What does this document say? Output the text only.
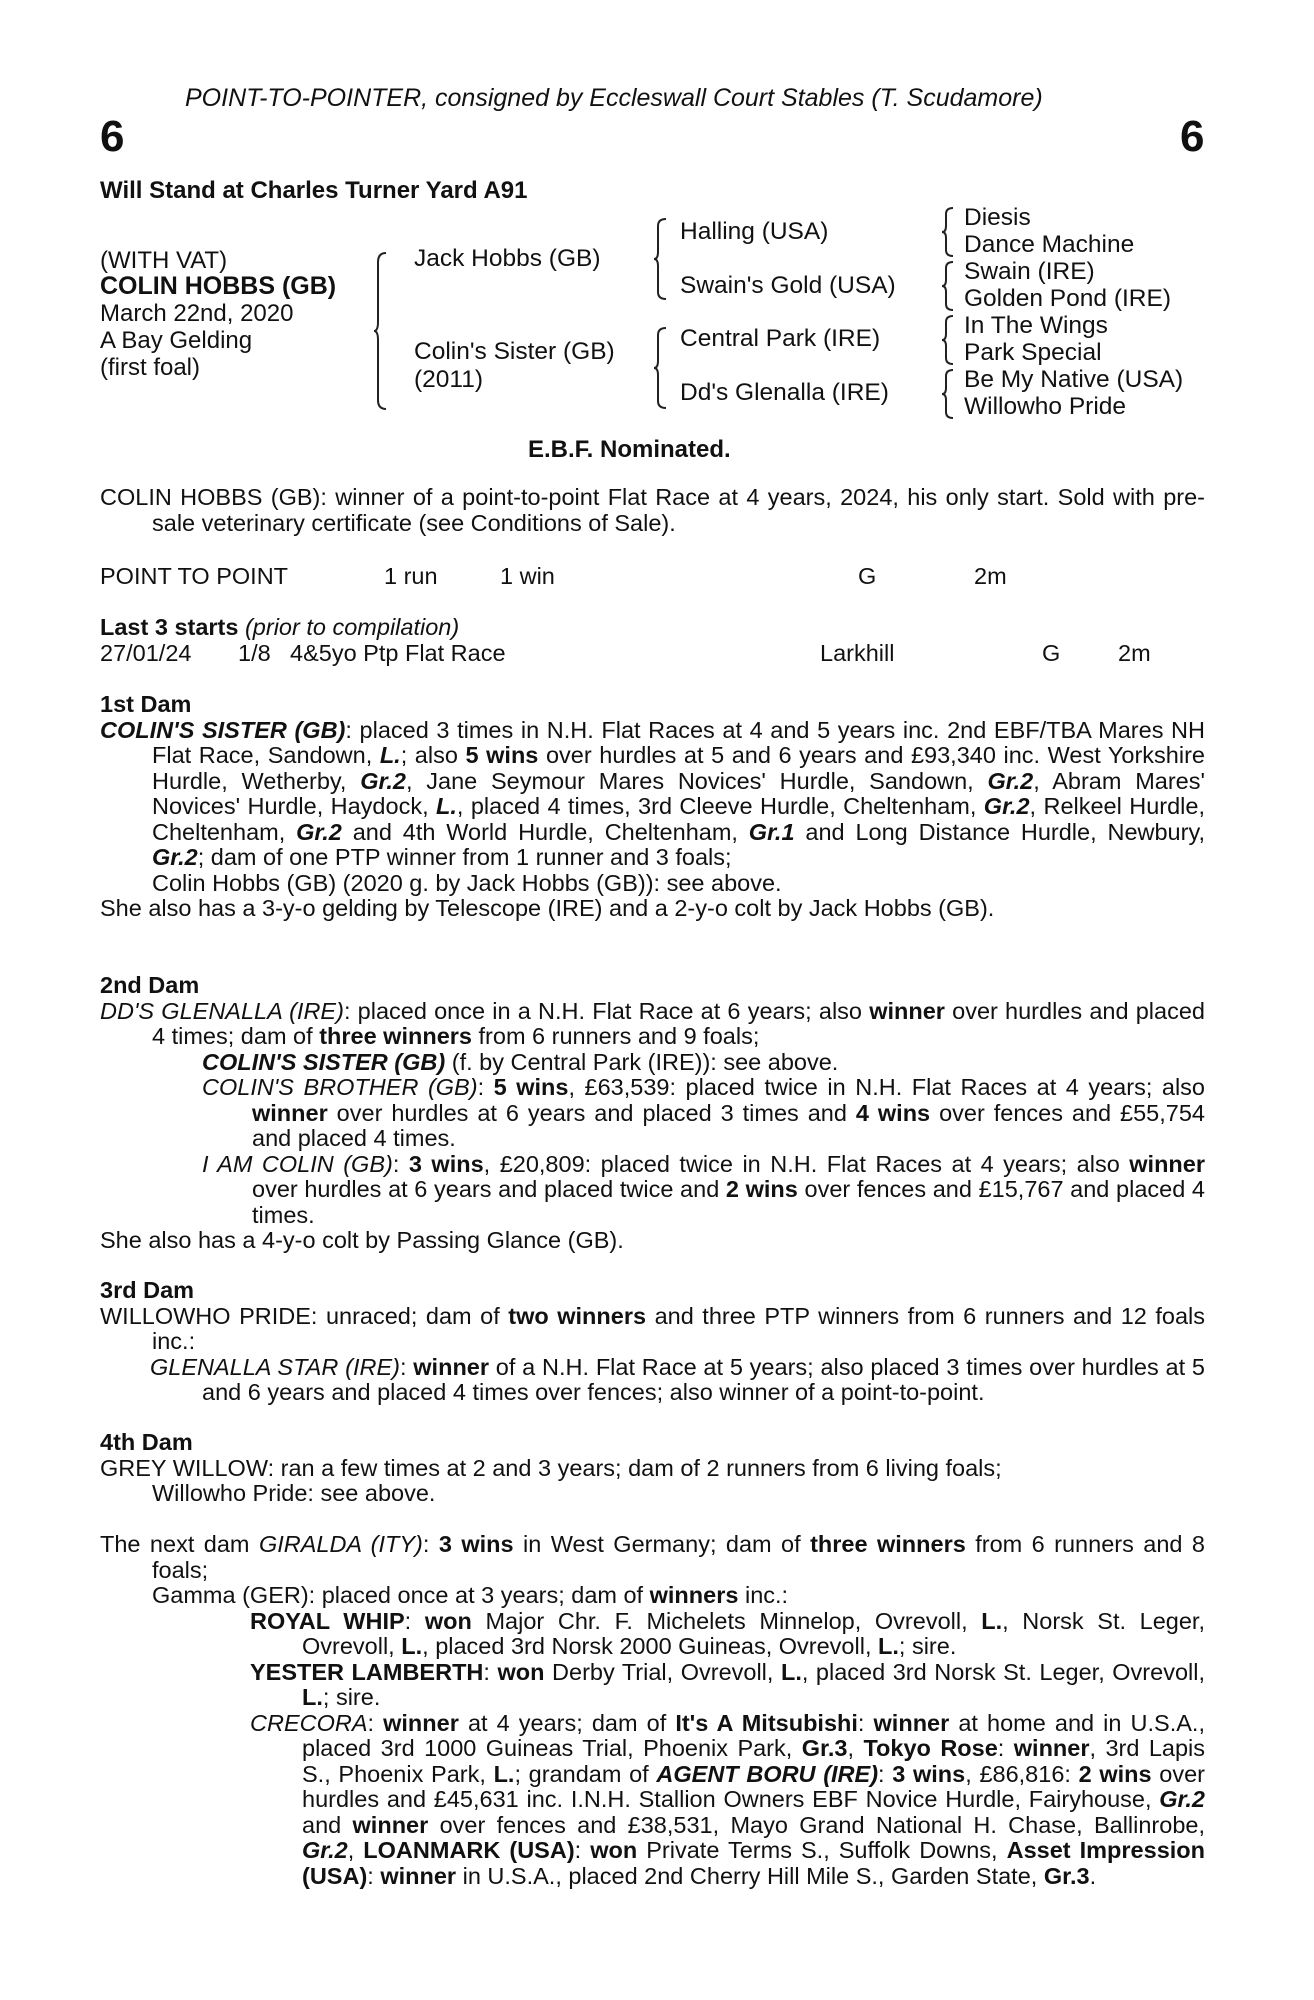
POINT-TO-POINTER, consigned by Eccleswall Court Stables (T. Scudamore)
6	6
Will Stand at Charles Turner Yard A91
(WITH VAT)
COLIN HOBBS (GB)
March 22nd, 2020
A Bay Gelding
(first foal)
Jack Hobbs (GB)
Colin's Sister (GB)
(2011)
Halling (USA)
Swain's Gold (USA)
Central Park (IRE)
Dd's Glenalla (IRE)
Diesis
Dance Machine
Swain (IRE)
Golden Pond (IRE)
In The Wings
Park Special
Be My Native (USA)
Willowho Pride
E.B.F. Nominated.

COLIN HOBBS (GB): winner of a point-to-point Flat Race at 4 years, 2024, his only start. Sold with pre-sale veterinary certificate (see Conditions of Sale).

POINT TO POINT	1 run	1 win	G	2m
Last 3 starts (prior to compilation)
27/01/24 1/8 4&5yo Ptp Flat Race	Larkhill	G 2m

1st Dam

COLIN'S SISTER (GB): placed 3 times in N.H. Flat Races at 4 and 5 years inc. 2nd EBF/TBA Mares NH Flat Race, Sandown, L.; also 5 wins over hurdles at 5 and 6 years and £93,340 inc. West Yorkshire Hurdle, Wetherby, Gr.2, Jane Seymour Mares Novices' Hurdle, Sandown, Gr.2, Abram Mares' Novices' Hurdle, Haydock, L., placed 4 times, 3rd Cleeve Hurdle, Cheltenham, Gr.2, Relkeel Hurdle, Cheltenham, Gr.2 and 4th World Hurdle, Cheltenham, Gr.1 and Long Distance Hurdle, Newbury, Gr.2; dam of one PTP winner from 1 runner and 3 foals;

Colin Hobbs (GB) (2020 g. by Jack Hobbs (GB)): see above.

She also has a 3-y-o gelding by Telescope (IRE) and a 2-y-o colt by Jack Hobbs (GB).

2nd Dam

DD'S GLENALLA (IRE): placed once in a N.H. Flat Race at 6 years; also winner over hurdles and placed 4 times; dam of three winners from 6 runners and 9 foals;

COLIN'S SISTER (GB) (f. by Central Park (IRE)): see above.

COLIN'S BROTHER (GB): 5 wins, £63,539: placed twice in N.H. Flat Races at 4 years; also winner over hurdles at 6 years and placed 3 times and 4 wins over fences and £55,754 and placed 4 times.

I AM COLIN (GB): 3 wins, £20,809: placed twice in N.H. Flat Races at 4 years; also winner over hurdles at 6 years and placed twice and 2 wins over fences and £15,767 and placed 4 times.

She also has a 4-y-o colt by Passing Glance (GB).

3rd Dam

WILLOWHO PRIDE: unraced; dam of two winners and three PTP winners from 6 runners and 12 foals inc.:

GLENALLA STAR (IRE): winner of a N.H. Flat Race at 5 years; also placed 3 times over hurdles at 5 and 6 years and placed 4 times over fences; also winner of a point-to-point.

4th Dam

GREY WILLOW: ran a few times at 2 and 3 years; dam of 2 runners from 6 living foals;

Willowho Pride: see above.

The next dam GIRALDA (ITY): 3 wins in West Germany; dam of three winners from 6 runners and 8 foals;

Gamma (GER): placed once at 3 years; dam of winners inc.:

ROYAL WHIP: won Major Chr. F. Michelets Minnelop, Ovrevoll, L., Norsk St. Leger, Ovrevoll, L., placed 3rd Norsk 2000 Guineas, Ovrevoll, L.; sire.

YESTER LAMBERTH: won Derby Trial, Ovrevoll, L., placed 3rd Norsk St. Leger, Ovrevoll, L.; sire.

CRECORA: winner at 4 years; dam of It's A Mitsubishi: winner at home and in U.S.A., placed 3rd 1000 Guineas Trial, Phoenix Park, Gr.3, Tokyo Rose: winner, 3rd Lapis S., Phoenix Park, L.; grandam of AGENT BORU (IRE): 3 wins, £86,816: 2 wins over hurdles and £45,631 inc. I.N.H. Stallion Owners EBF Novice Hurdle, Fairyhouse, Gr.2 and winner over fences and £38,531, Mayo Grand National H. Chase, Ballinrobe, Gr.2, LOANMARK (USA): won Private Terms S., Suffolk Downs, Asset Impression (USA): winner in U.S.A., placed 2nd Cherry Hill Mile S., Garden State, Gr.3.
